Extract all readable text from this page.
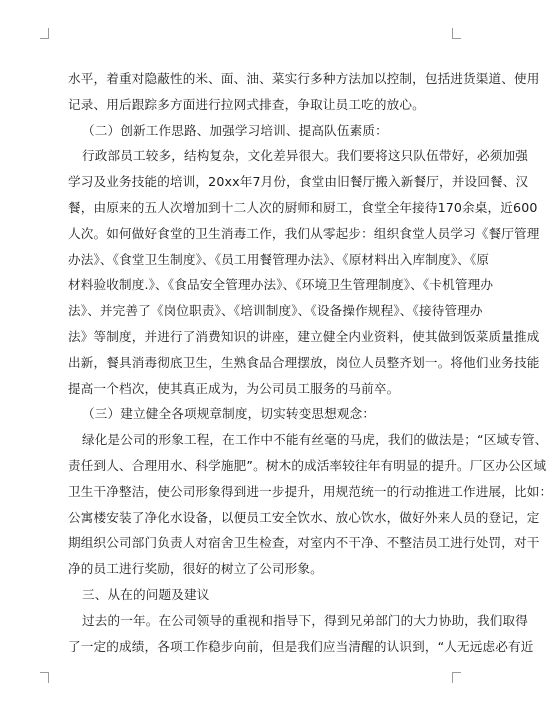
水平，着重对隐蔽性的米、面、油、菜实行多种方法加以控制，包括进货渠道、使用
记录、用后跟踪多方面进行拉网式排查，争取让员工吃的放心。
（二）创新工作思路、加强学习培训、提高队伍素质：
行政部员工较多，结构复杂，文化差异很大。我们要将这只队伍带好，必须加强
学习及业务技能的培训，20xx年7月份，食堂由旧餐厅搬入新餐厅，并设回餐、汉
餐，由原来的五人次增加到十二人次的厨师和厨工，食堂全年接待170余桌，近600
人次。如何做好食堂的卫生消毒工作，我们从零起步：组织食堂人员学习《餐厅管理
办法》、《食堂卫生制度》、《员工用餐管理办法》、《原材料出入库制度》、《原
材料验收制度.》、《食品安全管理办法》、《环境卫生管理制度》、《卡机管理办
法》、并完善了《岗位职责》、《培训制度》、《设备操作规程》、《接待管理办
法》等制度，并进行了消费知识的讲座，建立健全内业资料，使其做到饭菜质量推成
出新，餐具消毒彻底卫生，生熟食品合理摆放，岗位人员整齐划一。将他们业务技能
提高一个档次，使其真正成为，为公司员工服务的马前卒。
（三）建立健全各项规章制度，切实转变思想观念：
绿化是公司的形象工程，在工作中不能有丝毫的马虎，我们的做法是；“区域专管、
责任到人、合理用水、科学施肥”。树木的成活率较往年有明显的提升。厂区办公区域
卫生干净整洁，使公司形象得到进一步提升，用规范统一的行动推进工作进展，比如：
公寓楼安装了净化水设备，以便员工安全饮水、放心饮水，做好外来人员的登记，定
期组织公司部门负责人对宿舍卫生检查，对室内不干净、不整洁员工进行处罚，对干
净的员工进行奖励，很好的树立了公司形象。
三、从在的问题及建议
过去的一年。在公司领导的重视和指导下，得到兄弟部门的大力协助，我们取得
了一定的成绩，各项工作稳步向前，但是我们应当清醒的认识到，“人无远虑必有近
